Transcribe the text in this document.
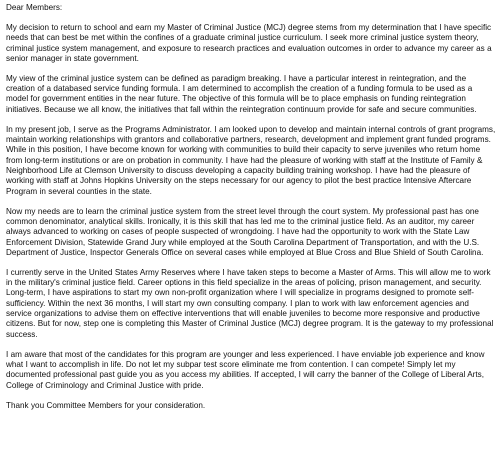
Dear Members:

My decision to return to school and earn my Master of Criminal Justice (MCJ) degree stems from my determination that I have specific needs that can best be met within the confines of a graduate criminal justice curriculum. I seek more criminal justice system theory, criminal justice system management, and exposure to research practices and evaluation outcomes in order to advance my career as a senior manager in state government.

My view of the criminal justice system can be defined as paradigm breaking. I have a particular interest in reintegration, and the creation of a databased service funding formula. I am determined to accomplish the creation of a funding formula to be used as a model for government entities in the near future. The objective of this formula will be to place emphasis on funding reintegration initiatives. Because we all know, the initiatives that fall within the reintegration continuum provide for safe and secure communities.

In my present job, I serve as the Programs Administrator. I am looked upon to develop and maintain internal controls of grant programs, maintain working relationships with grantors and collaborative partners, research, development and implement grant funded programs. While in this position, I have become known for working with communities to build their capacity to serve juveniles who return home from long-term institutions or are on probation in community. I have had the pleasure of working with staff at the Institute of Family & Neighborhood Life at Clemson University to discuss developing a capacity building training workshop. I have had the pleasure of working with staff at Johns Hopkins University on the steps necessary for our agency to pilot the best practice Intensive Aftercare Program in several counties in the state.

Now my needs are to learn the criminal justice system from the street level through the court system. My professional past has one common denominator, analytical skills. Ironically, it is this skill that has led me to the criminal justice field. As an auditor, my career always advanced to working on cases of people suspected of wrongdoing. I have had the opportunity to work with the State Law Enforcement Division, Statewide Grand Jury while employed at the South Carolina Department of Transportation, and with the U.S. Department of Justice, Inspector Generals Office on several cases while employed at Blue Cross and Blue Shield of South Carolina.

I currently serve in the United States Army Reserves where I have taken steps to become a Master of Arms. This will allow me to work in the military's criminal justice field. Career options in this field specialize in the areas of policing, prison management, and security.

Long-term, I have aspirations to start my own non-profit organization where I will specialize in programs designed to promote self-sufficiency. Within the next 36 months, I will start my own consulting company. I plan to work with law enforcement agencies and service organizations to advise them on effective interventions that will enable juveniles to become more responsive and productive citizens. But for now, step one is completing this Master of Criminal Justice (MCJ) degree program. It is the gateway to my professional success.

I am aware that most of the candidates for this program are younger and less experienced. I have enviable job experience and know what I want to accomplish in life. Do not let my subpar test score eliminate me from contention. I can compete! Simply let my documented professional past guide you as you access my abilities. If accepted, I will carry the banner of the College of Liberal Arts, College of Criminology and Criminal Justice with pride.

Thank you Committee Members for your consideration.
